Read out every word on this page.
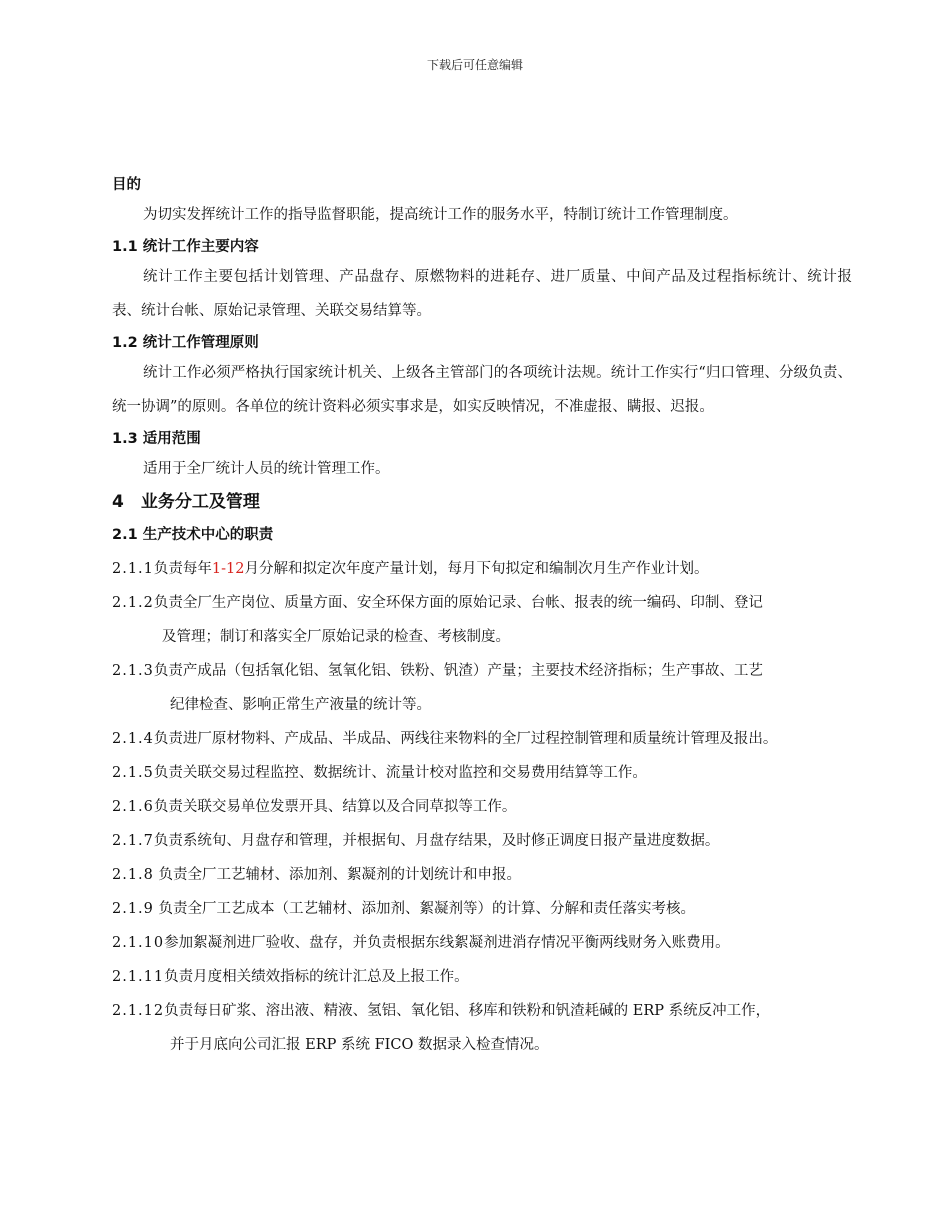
下载后可任意编辑
目的
为切实发挥统计工作的指导监督职能，提高统计工作的服务水平，特制订统计工作管理制度。
1.1 统计工作主要内容
统计工作主要包括计划管理、产品盘存、原燃物料的进耗存、进厂质量、中间产品及过程指标统计、统计报表、统计台帐、原始记录管理、关联交易结算等。
1.2 统计工作管理原则
统计工作必须严格执行国家统计机关、上级各主管部门的各项统计法规。统计工作实行“归口管理、分级负责、统一协调”的原则。各单位的统计资料必须实事求是，如实反映情况，不准虚报、瞒报、迟报。
1.3 适用范围
适用于全厂统计人员的统计管理工作。
4　业务分工及管理
2.1 生产技术中心的职责
2.1.1负责每年1-12月分解和拟定次年度产量计划，每月下旬拟定和编制次月生产作业计划。
2.1.2负责全厂生产岗位、质量方面、安全环保方面的原始记录、台帐、报表的统一编码、印制、登记
及管理；制订和落实全厂原始记录的检查、考核制度。
2.1.3负责产成品（包括氧化铝、氢氧化铝、铁粉、钒渣）产量；主要技术经济指标；生产事故、工艺
纪律检查、影响正常生产液量的统计等。
2.1.4负责进厂原材物料、产成品、半成品、两线往来物料的全厂过程控制管理和质量统计管理及报出。
2.1.5负责关联交易过程监控、数据统计、流量计校对监控和交易费用结算等工作。
2.1.6负责关联交易单位发票开具、结算以及合同草拟等工作。
2.1.7负责系统旬、月盘存和管理，并根据旬、月盘存结果，及时修正调度日报产量进度数据。
2.1.8 负责全厂工艺辅材、添加剂、絮凝剂的计划统计和申报。
2.1.9 负责全厂工艺成本（工艺辅材、添加剂、絮凝剂等）的计算、分解和责任落实考核。
2.1.10参加絮凝剂进厂验收、盘存，并负责根据东线絮凝剂进消存情况平衡两线财务入账费用。
2.1.11负责月度相关绩效指标的统计汇总及上报工作。
2.1.12负责每日矿浆、溶出液、精液、氢铝、氧化铝、移库和铁粉和钒渣耗碱的 ERP 系统反冲工作，
并于月底向公司汇报 ERP 系统 FICO 数据录入检查情况。
